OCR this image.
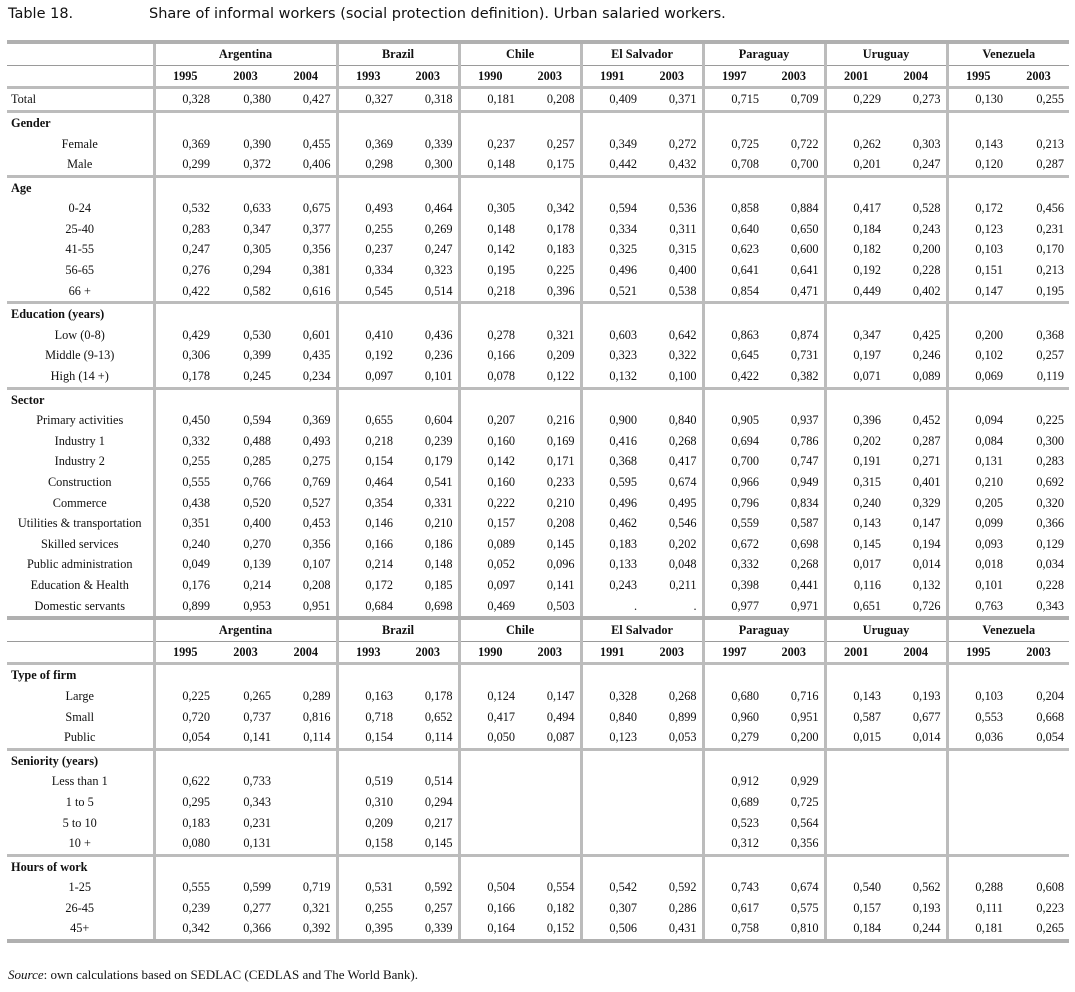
Table 18.	Share of informal workers (social protection definition). Urban salaried workers.
	Argentina			Brazil		Chile		El Salvador		Paraguay		Uruguay		Venezuela	
	1995	2003	2004	1993	2003	1990	2003	1991	2003	1997	2003	2001	2004	1995	2003
Total	0,328	0,380	0,427	0,327	0,318	0,181	0,208	0,409	0,371	0,715	0,709	0,229	0,273	0,130	0,255
Gender															
Female	0,369	0,390	0,455	0,369	0,339	0,237	0,257	0,349	0,272	0,725	0,722	0,262	0,303	0,143	0,213
Male	0,299	0,372	0,406	0,298	0,300	0,148	0,175	0,442	0,432	0,708	0,700	0,201	0,247	0,120	0,287
Age															
0-24	0,532	0,633	0,675	0,493	0,464	0,305	0,342	0,594	0,536	0,858	0,884	0,417	0,528	0,172	0,456
25-40	0,283	0,347	0,377	0,255	0,269	0,148	0,178	0,334	0,311	0,640	0,650	0,184	0,243	0,123	0,231
41-55	0,247	0,305	0,356	0,237	0,247	0,142	0,183	0,325	0,315	0,623	0,600	0,182	0,200	0,103	0,170
56-65	0,276	0,294	0,381	0,334	0,323	0,195	0,225	0,496	0,400	0,641	0,641	0,192	0,228	0,151	0,213
66 +	0,422	0,582	0,616	0,545	0,514	0,218	0,396	0,521	0,538	0,854	0,471	0,449	0,402	0,147	0,195
Education (years)															
Low (0-8)	0,429	0,530	0,601	0,410	0,436	0,278	0,321	0,603	0,642	0,863	0,874	0,347	0,425	0,200	0,368
Middle (9-13)	0,306	0,399	0,435	0,192	0,236	0,166	0,209	0,323	0,322	0,645	0,731	0,197	0,246	0,102	0,257
High (14 +)	0,178	0,245	0,234	0,097	0,101	0,078	0,122	0,132	0,100	0,422	0,382	0,071	0,089	0,069	0,119
Sector															
Primary activities	0,450	0,594	0,369	0,655	0,604	0,207	0,216	0,900	0,840	0,905	0,937	0,396	0,452	0,094	0,225
Industry 1	0,332	0,488	0,493	0,218	0,239	0,160	0,169	0,416	0,268	0,694	0,786	0,202	0,287	0,084	0,300
Industry 2	0,255	0,285	0,275	0,154	0,179	0,142	0,171	0,368	0,417	0,700	0,747	0,191	0,271	0,131	0,283
Construction	0,555	0,766	0,769	0,464	0,541	0,160	0,233	0,595	0,674	0,966	0,949	0,315	0,401	0,210	0,692
Commerce	0,438	0,520	0,527	0,354	0,331	0,222	0,210	0,496	0,495	0,796	0,834	0,240	0,329	0,205	0,320
Utilities & transportation	0,351	0,400	0,453	0,146	0,210	0,157	0,208	0,462	0,546	0,559	0,587	0,143	0,147	0,099	0,366
Skilled services	0,240	0,270	0,356	0,166	0,186	0,089	0,145	0,183	0,202	0,672	0,698	0,145	0,194	0,093	0,129
Public administration	0,049	0,139	0,107	0,214	0,148	0,052	0,096	0,133	0,048	0,332	0,268	0,017	0,014	0,018	0,034
Education & Health	0,176	0,214	0,208	0,172	0,185	0,097	0,141	0,243	0,211	0,398	0,441	0,116	0,132	0,101	0,228
Domestic servants	0,899	0,953	0,951	0,684	0,698	0,469	0,503	.	.	0,977	0,971	0,651	0,726	0,763	0,343
	Argentina			Brazil		Chile		El Salvador		Paraguay		Uruguay		Venezuela	
	1995	2003	2004	1993	2003	1990	2003	1991	2003	1997	2003	2001	2004	1995	2003
Type of firm															
Large	0,225	0,265	0,289	0,163	0,178	0,124	0,147	0,328	0,268	0,680	0,716	0,143	0,193	0,103	0,204
Small	0,720	0,737	0,816	0,718	0,652	0,417	0,494	0,840	0,899	0,960	0,951	0,587	0,677	0,553	0,668
Public	0,054	0,141	0,114	0,154	0,114	0,050	0,087	0,123	0,053	0,279	0,200	0,015	0,014	0,036	0,054
Seniority (years)															
Less than 1	0,622	0,733		0,519	0,514					0,912	0,929				
1 to 5	0,295	0,343		0,310	0,294					0,689	0,725				
5 to 10	0,183	0,231		0,209	0,217					0,523	0,564				
10 +	0,080	0,131		0,158	0,145					0,312	0,356				
Hours of work															
1-25	0,555	0,599	0,719	0,531	0,592	0,504	0,554	0,542	0,592	0,743	0,674	0,540	0,562	0,288	0,608
26-45	0,239	0,277	0,321	0,255	0,257	0,166	0,182	0,307	0,286	0,617	0,575	0,157	0,193	0,111	0,223
45+	0,342	0,366	0,392	0,395	0,339	0,164	0,152	0,506	0,431	0,758	0,810	0,184	0,244	0,181	0,265
Source: own calculations based on SEDLAC (CEDLAS and The World Bank).
